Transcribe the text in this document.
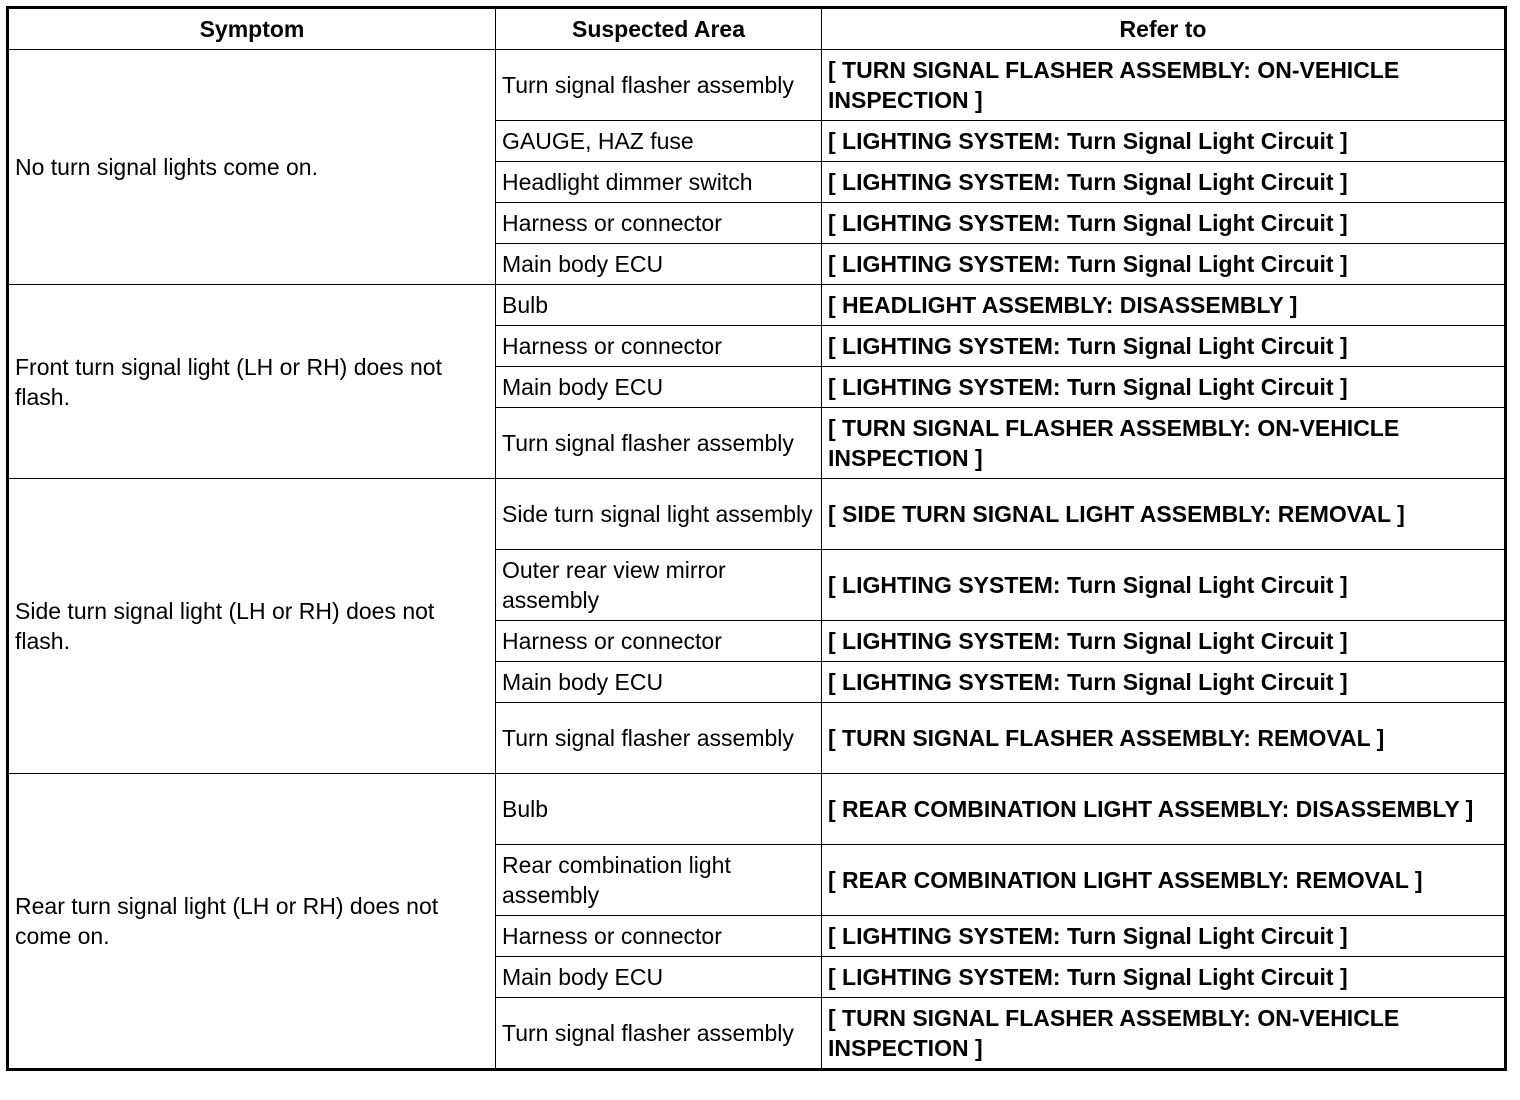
Symptom	Suspected Area	Refer to
No turn signal lights come on.	Turn signal flasher assembly	[ TURN SIGNAL FLASHER ASSEMBLY: ON-VEHICLE INSPECTION ]
	GAUGE, HAZ fuse	[ LIGHTING SYSTEM: Turn Signal Light Circuit ]
	Headlight dimmer switch	[ LIGHTING SYSTEM: Turn Signal Light Circuit ]
	Harness or connector	[ LIGHTING SYSTEM: Turn Signal Light Circuit ]
	Main body ECU	[ LIGHTING SYSTEM: Turn Signal Light Circuit ]
Front turn signal light (LH or RH) does not flash.	Bulb	[ HEADLIGHT ASSEMBLY: DISASSEMBLY ]
	Harness or connector	[ LIGHTING SYSTEM: Turn Signal Light Circuit ]
	Main body ECU	[ LIGHTING SYSTEM: Turn Signal Light Circuit ]
	Turn signal flasher assembly	[ TURN SIGNAL FLASHER ASSEMBLY: ON-VEHICLE INSPECTION ]
Side turn signal light (LH or RH) does not flash.	Side turn signal light assembly	[ SIDE TURN SIGNAL LIGHT ASSEMBLY: REMOVAL ]
	Outer rear view mirror assembly	[ LIGHTING SYSTEM: Turn Signal Light Circuit ]
	Harness or connector	[ LIGHTING SYSTEM: Turn Signal Light Circuit ]
	Main body ECU	[ LIGHTING SYSTEM: Turn Signal Light Circuit ]
	Turn signal flasher assembly	[ TURN SIGNAL FLASHER ASSEMBLY: REMOVAL ]
Rear turn signal light (LH or RH) does not come on.	Bulb	[ REAR COMBINATION LIGHT ASSEMBLY: DISASSEMBLY ]
	Rear combination light assembly	[ REAR COMBINATION LIGHT ASSEMBLY: REMOVAL ]
	Harness or connector	[ LIGHTING SYSTEM: Turn Signal Light Circuit ]
	Main body ECU	[ LIGHTING SYSTEM: Turn Signal Light Circuit ]
	Turn signal flasher assembly	[ TURN SIGNAL FLASHER ASSEMBLY: ON-VEHICLE INSPECTION ]
